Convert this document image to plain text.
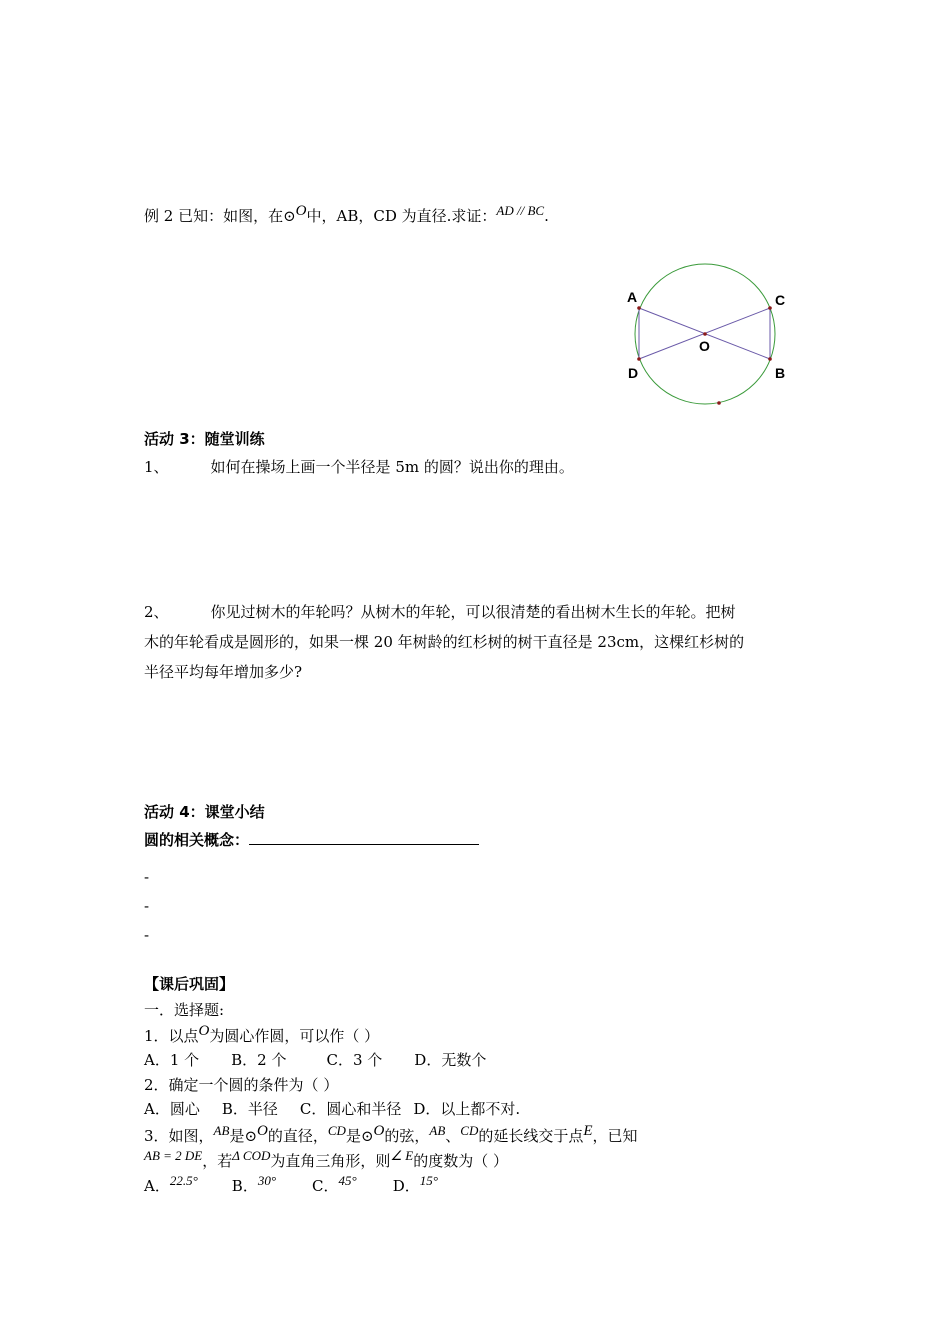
例 2 已知：如图，在⊙O中，AB，CD 为直径.求证：AD // BC.
A	C
O
D	B
活动 3：随堂训练
1、	如何在操场上画一个半径是 5m 的圆？说出你的理由。
2、	你见过树木的年轮吗？从树木的年轮，可以很清楚的看出树木生长的年轮。把树
木的年轮看成是圆形的，如果一棵 20 年树龄的红杉树的树干直径是 23cm，这棵红杉树的
半径平均每年增加多少?
活动 4：课堂小结
圆的相关概念：
-
-
-
【课后巩固】
一．选择题:
1．以点O为圆心作圆，可以作（ ）
A．1 个 B．2 个	C．3 个 D．无数个
2．确定一个圆的条件为（ ）
A．圆心 B．半径 C．圆心和半径 D．以上都不对.
3．如图，AB是⊙O的直径，CD是⊙O的弦，AB、CD的延长线交于点E，已知
AB = 2 DE，若Δ COD为直角三角形，则∠ E的度数为（ ）
A．22.5° B．30° C．45° D．15°
